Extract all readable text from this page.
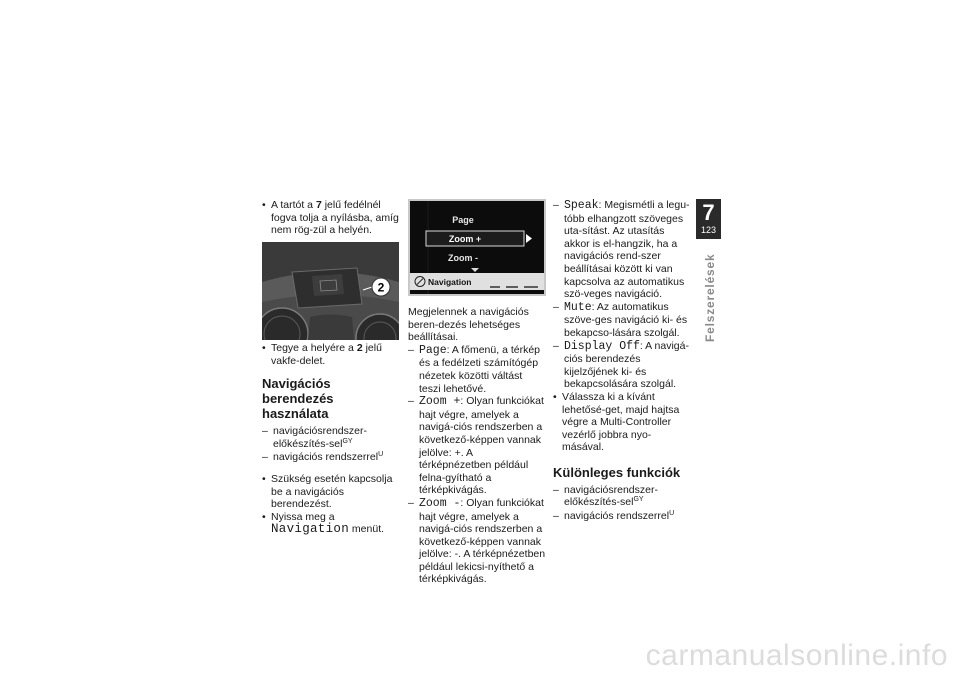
• A tartót a 7 jelű fedélnél fogva tolja a nyílásba, amíg nem rög-zül a helyén.

2

• Tegye a helyére a 2 jelű vakfe-delet.

Navigációs berendezés használata

– navigációsrendszer-előkészítés-sel$^{GY}$

– navigációs rendszerrel$^U$

• Szükség esetén kapcsolja be a navigációs berendezést.

• Nyissa meg a Navigation menüt.

Page
Zoom +
Zoom -
Navigation

Megjelennek a navigációs beren-dezés lehetséges beállításai.

– Page: A főmenü, a térkép és a fedélzeti számítógép nézetek közötti váltást teszi lehetővé.

– Zoom +: Olyan funkciókat hajt végre, amelyek a navigá-ciós rendszerben a következő-képpen vannak jelölve: +. A térképnézetben például felna-gyítható a térképkivágás.

– Zoom -: Olyan funkciókat hajt végre, amelyek a navigá-ciós rendszerben a következő-képpen vannak jelölve: -. A térképnézetben például lekicsi-nyíthető a térképkivágás.

– Speak: Megismétli a legu-tóbb elhangzott szöveges uta-sítást. Az utasítás akkor is el-hangzik, ha a navigációs rend-szer beállításai között ki van kapcsolva az automatikus szö-veges navigáció.

– Mute: Az automatikus szöve-ges navigáció ki- és bekapcso-lására szolgál.

– Display Off: A navigá-ciós berendezés kijelzőjének ki- és bekapcsolására szolgál.

• Válassza ki a kívánt lehetősé-get, majd hajtsa végre a Multi-Controller vezérlő jobbra nyo-másával.

Különleges funkciók

– navigációsrendszer-előkészítés-sel$^{GY}$

– navigációs rendszerrel$^U$

7
123
Felszerelések
carmanualsonline.info
